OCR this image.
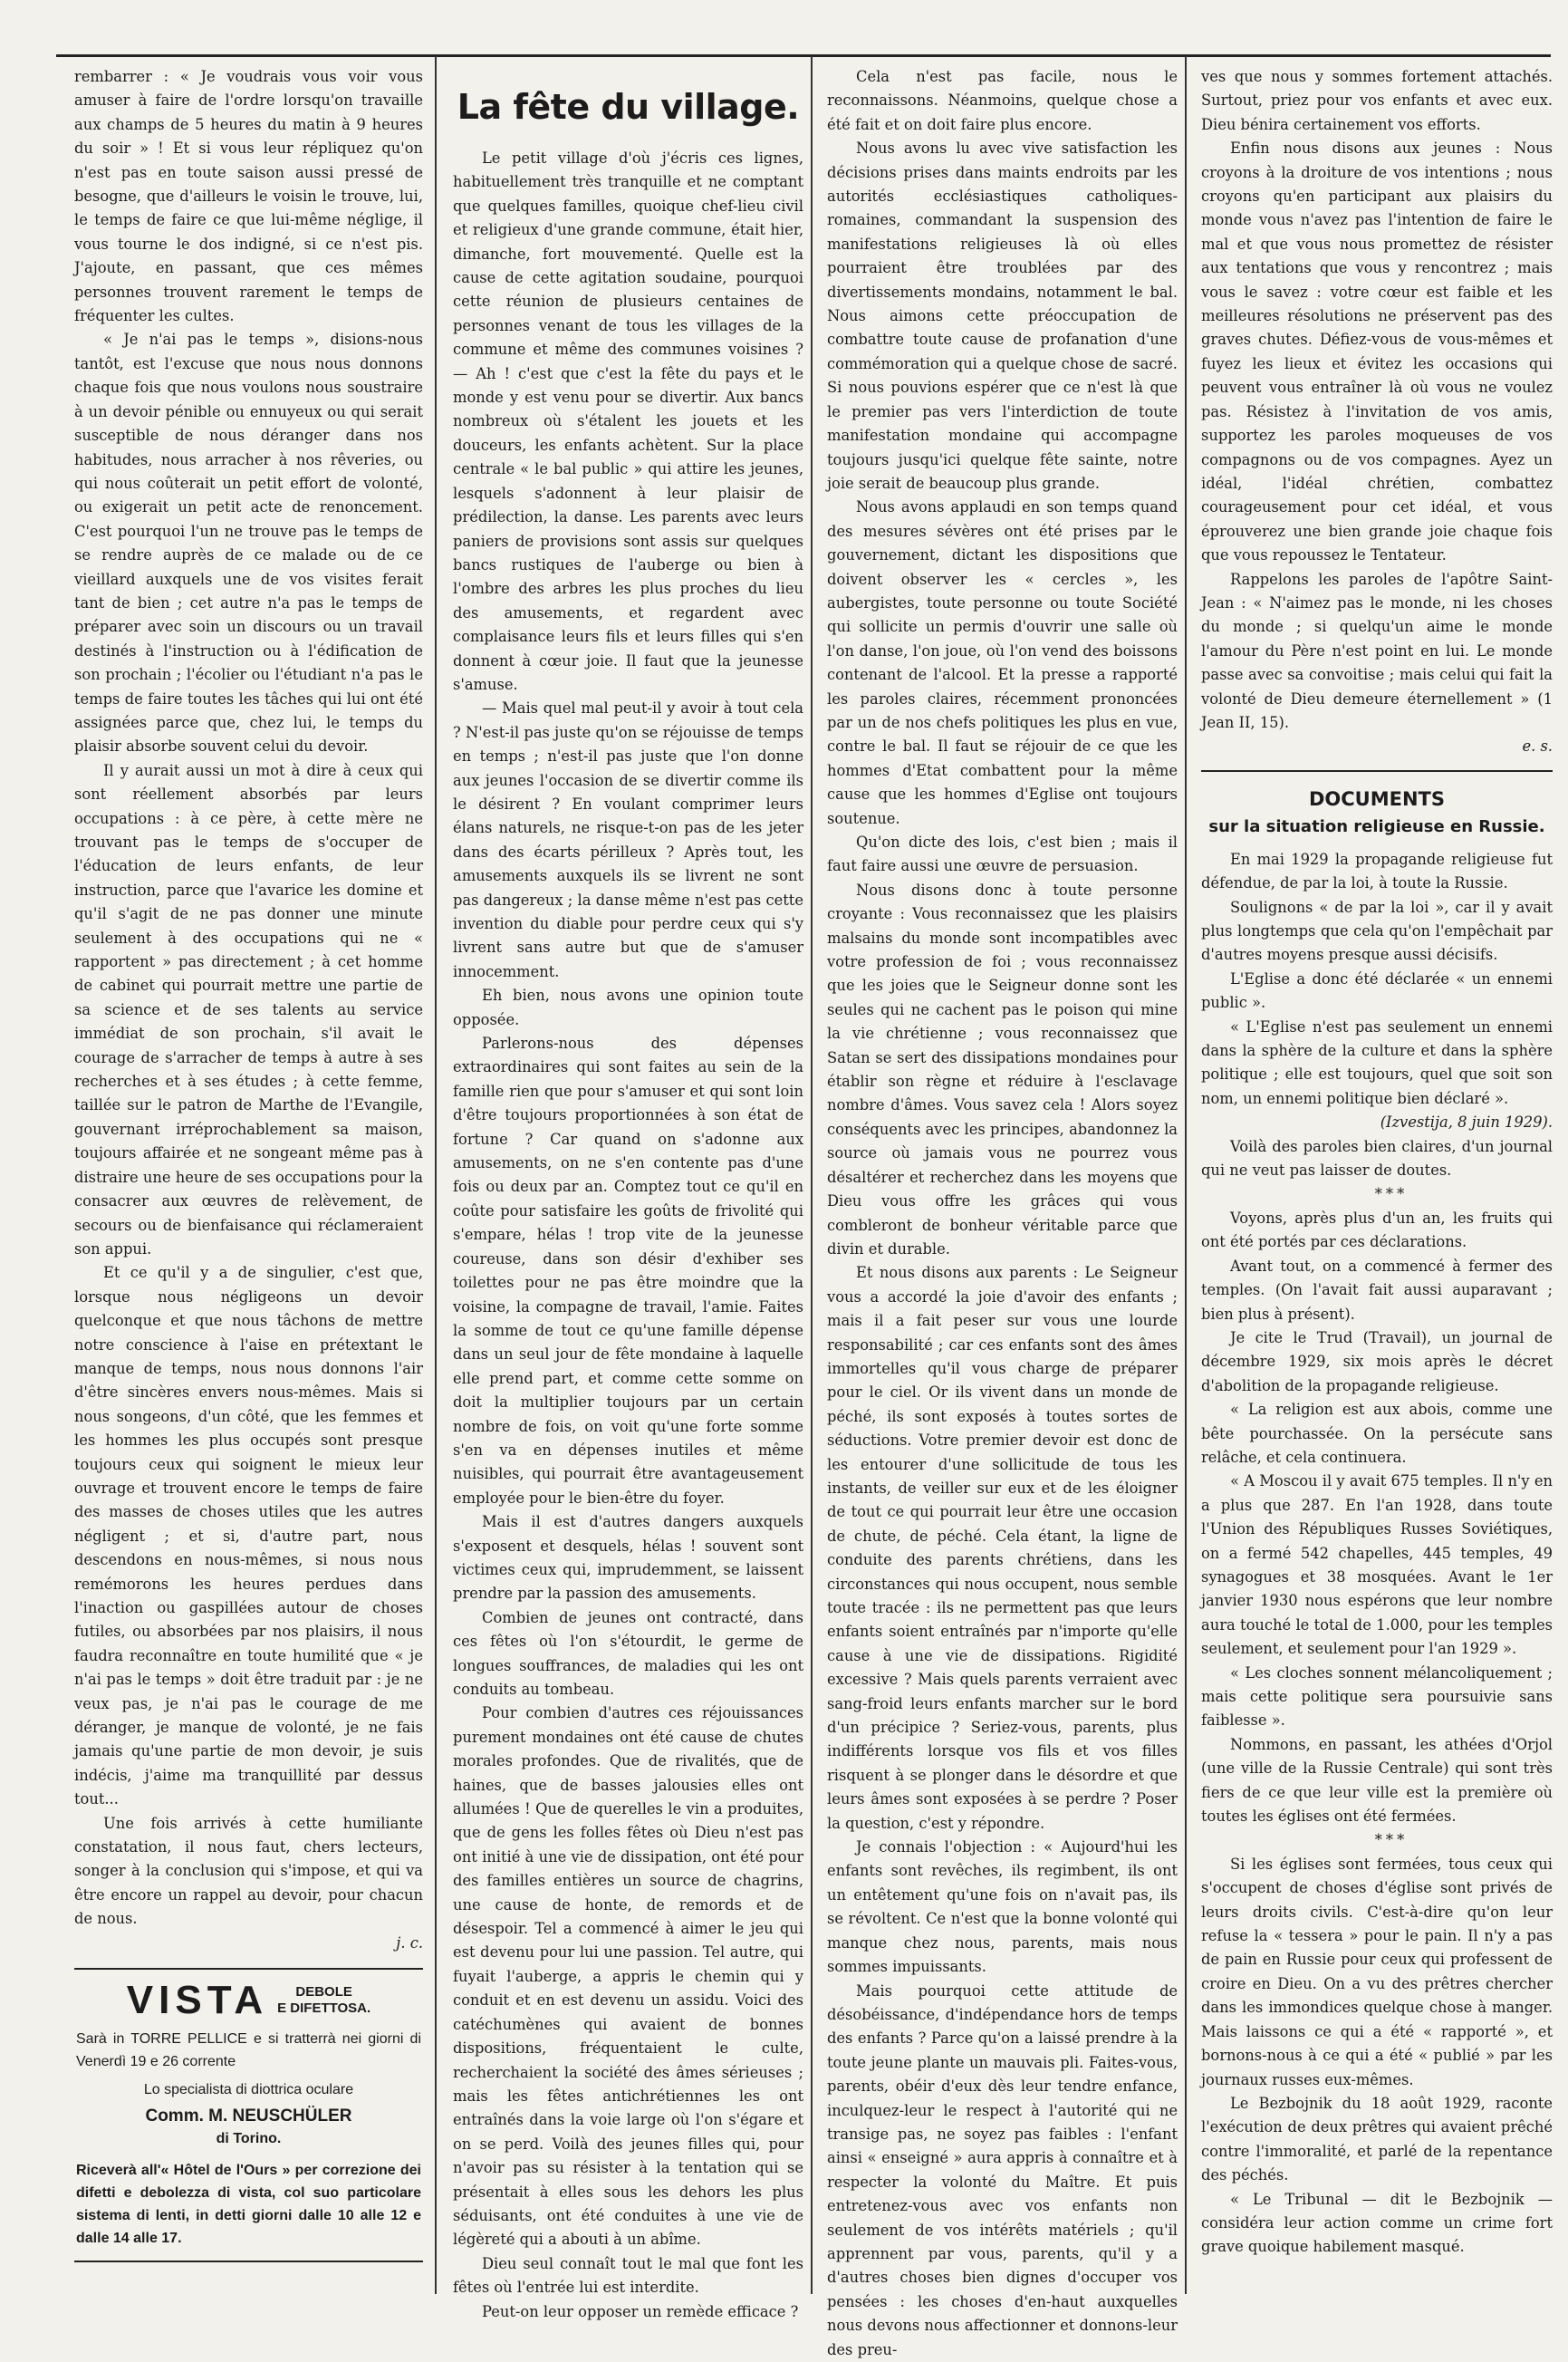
rembarrer : « Je voudrais vous voir vous amuser à faire de l'ordre lorsqu'on travaille aux champs de 5 heures du matin à 9 heures du soir » ! Et si vous leur répliquez qu'on n'est pas en toute saison aussi pressé de besogne, que d'ailleurs le voisin le trouve, lui, le temps de faire ce que lui-même néglige, il vous tourne le dos indigné, si ce n'est pis. J'ajoute, en passant, que ces mêmes personnes trouvent rarement le temps de fréquenter les cultes.

« Je n'ai pas le temps », disions-nous tantôt, est l'excuse que nous nous donnons chaque fois que nous voulons nous soustraire à un devoir pénible ou ennuyeux ou qui serait susceptible de nous déranger dans nos habitudes, nous arracher à nos rêveries, ou qui nous coûterait un petit effort de volonté, ou exigerait un petit acte de renoncement. C'est pourquoi l'un ne trouve pas le temps de se rendre auprès de ce malade ou de ce vieillard auxquels une de vos visites ferait tant de bien ; cet autre n'a pas le temps de préparer avec soin un discours ou un travail destinés à l'instruction ou à l'édification de son prochain ; l'écolier ou l'étudiant n'a pas le temps de faire toutes les tâches qui lui ont été assignées parce que, chez lui, le temps du plaisir absorbe souvent celui du devoir.

Il y aurait aussi un mot à dire à ceux qui sont réellement absorbés par leurs occupations : à ce père, à cette mère ne trouvant pas le temps de s'occuper de l'éducation de leurs enfants, de leur instruction, parce que l'avarice les domine et qu'il s'agit de ne pas donner une minute seulement à des occupations qui ne « rapportent » pas directement ; à cet homme de cabinet qui pourrait mettre une partie de sa science et de ses talents au service immédiat de son prochain, s'il avait le courage de s'arracher de temps à autre à ses recherches et à ses études ; à cette femme, taillée sur le patron de Marthe de l'Evangile, gouvernant irréprochablement sa maison, toujours affairée et ne songeant même pas à distraire une heure de ses occupations pour la consacrer aux œuvres de relèvement, de secours ou de bienfaisance qui réclameraient son appui.

Et ce qu'il y a de singulier, c'est que, lorsque nous négligeons un devoir quelconque et que nous tâchons de mettre notre conscience à l'aise en prétextant le manque de temps, nous nous donnons l'air d'être sincères envers nous-mêmes. Mais si nous songeons, d'un côté, que les femmes et les hommes les plus occupés sont presque toujours ceux qui soignent le mieux leur ouvrage et trouvent encore le temps de faire des masses de choses utiles que les autres négligent ; et si, d'autre part, nous descendons en nous-mêmes, si nous nous remémorons les heures perdues dans l'inaction ou gaspillées autour de choses futiles, ou absorbées par nos plaisirs, il nous faudra reconnaître en toute humilité que « je n'ai pas le temps » doit être traduit par : je ne veux pas, je n'ai pas le courage de me déranger, je manque de volonté, je ne fais jamais qu'une partie de mon devoir, je suis indécis, j'aime ma tranquillité par dessus tout...

Une fois arrivés à cette humiliante constatation, il nous faut, chers lecteurs, songer à la conclusion qui s'impose, et qui va être encore un rappel au devoir, pour chacun de nous.

j. c.

VISTA	DEBOLE
E DIFETTOSA.

Sarà in TORRE PELLICE e si tratterrà nei giorni di Venerdì 19 e 26 corrente

Lo specialista di diottrica oculare

Comm. M. NEUSCHÜLER

di Torino.

Riceverà all'« Hôtel de l'Ours » per correzione dei difetti e debolezza di vista, col suo particolare sistema di lenti, in detti giorni dalle 10 alle 12 e dalle 14 alle 17.

La fête du village.

Le petit village d'où j'écris ces lignes, habituellement très tranquille et ne comptant que quelques familles, quoique chef-lieu civil et religieux d'une grande commune, était hier, dimanche, fort mouvementé. Quelle est la cause de cette agitation soudaine, pourquoi cette réunion de plusieurs centaines de personnes venant de tous les villages de la commune et même des communes voisines ? — Ah ! c'est que c'est la fête du pays et le monde y est venu pour se divertir. Aux bancs nombreux où s'étalent les jouets et les douceurs, les enfants achètent. Sur la place centrale « le bal public » qui attire les jeunes, lesquels s'adonnent à leur plaisir de prédilection, la danse. Les parents avec leurs paniers de provisions sont assis sur quelques bancs rustiques de l'auberge ou bien à l'ombre des arbres les plus proches du lieu des amusements, et regardent avec complaisance leurs fils et leurs filles qui s'en donnent à cœur joie. Il faut que la jeunesse s'amuse.

— Mais quel mal peut-il y avoir à tout cela ? N'est-il pas juste qu'on se réjouisse de temps en temps ; n'est-il pas juste que l'on donne aux jeunes l'occasion de se divertir comme ils le désirent ? En voulant comprimer leurs élans naturels, ne risque-t-on pas de les jeter dans des écarts périlleux ? Après tout, les amusements auxquels ils se livrent ne sont pas dangereux ; la danse même n'est pas cette invention du diable pour perdre ceux qui s'y livrent sans autre but que de s'amuser innocemment.

Eh bien, nous avons une opinion toute opposée.

Parlerons-nous des dépenses extraordinaires qui sont faites au sein de la famille rien que pour s'amuser et qui sont loin d'être toujours proportionnées à son état de fortune ? Car quand on s'adonne aux amusements, on ne s'en contente pas d'une fois ou deux par an. Comptez tout ce qu'il en coûte pour satisfaire les goûts de frivolité qui s'empare, hélas ! trop vite de la jeunesse coureuse, dans son désir d'exhiber ses toilettes pour ne pas être moindre que la voisine, la compagne de travail, l'amie. Faites la somme de tout ce qu'une famille dépense dans un seul jour de fête mondaine à laquelle elle prend part, et comme cette somme on doit la multiplier toujours par un certain nombre de fois, on voit qu'une forte somme s'en va en dépenses inutiles et même nuisibles, qui pourrait être avantageusement employée pour le bien-être du foyer.

Mais il est d'autres dangers auxquels s'exposent et desquels, hélas ! souvent sont victimes ceux qui, imprudemment, se laissent prendre par la passion des amusements.

Combien de jeunes ont contracté, dans ces fêtes où l'on s'étourdit, le germe de longues souffrances, de maladies qui les ont conduits au tombeau.

Pour combien d'autres ces réjouissances purement mondaines ont été cause de chutes morales profondes. Que de rivalités, que de haines, que de basses jalousies elles ont allumées ! Que de querelles le vin a produites, que de gens les folles fêtes où Dieu n'est pas ont initié à une vie de dissipation, ont été pour des familles entières un source de chagrins, une cause de honte, de remords et de désespoir. Tel a commencé à aimer le jeu qui est devenu pour lui une passion. Tel autre, qui fuyait l'auberge, a appris le chemin qui y conduit et en est devenu un assidu. Voici des catéchumènes qui avaient de bonnes dispositions, fréquentaient le culte, recherchaient la société des âmes sérieuses ; mais les fêtes antichrétiennes les ont entraînés dans la voie large où l'on s'égare et on se perd. Voilà des jeunes filles qui, pour n'avoir pas su résister à la tentation qui se présentait à elles sous les dehors les plus séduisants, ont été conduites à une vie de légèreté qui a abouti à un abîme.

Dieu seul connaît tout le mal que font les fêtes où l'entrée lui est interdite.

Peut-on leur opposer un remède efficace ?

Cela n'est pas facile, nous le reconnaissons. Néanmoins, quelque chose a été fait et on doit faire plus encore.

Nous avons lu avec vive satisfaction les décisions prises dans maints endroits par les autorités ecclésiastiques catholiques-romaines, commandant la suspension des manifestations religieuses là où elles pourraient être troublées par des divertissements mondains, notamment le bal. Nous aimons cette préoccupation de combattre toute cause de profanation d'une commémoration qui a quelque chose de sacré. Si nous pouvions espérer que ce n'est là que le premier pas vers l'interdiction de toute manifestation mondaine qui accompagne toujours jusqu'ici quelque fête sainte, notre joie serait de beaucoup plus grande.

Nous avons applaudi en son temps quand des mesures sévères ont été prises par le gouvernement, dictant les dispositions que doivent observer les « cercles », les aubergistes, toute personne ou toute Société qui sollicite un permis d'ouvrir une salle où l'on danse, l'on joue, où l'on vend des boissons contenant de l'alcool. Et la presse a rapporté les paroles claires, récemment prononcées par un de nos chefs politiques les plus en vue, contre le bal. Il faut se réjouir de ce que les hommes d'Etat combattent pour la même cause que les hommes d'Eglise ont toujours soutenue.

Qu'on dicte des lois, c'est bien ; mais il faut faire aussi une œuvre de persuasion.

Nous disons donc à toute personne croyante : Vous reconnaissez que les plaisirs malsains du monde sont incompatibles avec votre profession de foi ; vous reconnaissez que les joies que le Seigneur donne sont les seules qui ne cachent pas le poison qui mine la vie chrétienne ; vous reconnaissez que Satan se sert des dissipations mondaines pour établir son règne et réduire à l'esclavage nombre d'âmes. Vous savez cela ! Alors soyez conséquents avec les principes, abandonnez la source où jamais vous ne pourrez vous désaltérer et recherchez dans les moyens que Dieu vous offre les grâces qui vous combleront de bonheur véritable parce que divin et durable.

Et nous disons aux parents : Le Seigneur vous a accordé la joie d'avoir des enfants ; mais il a fait peser sur vous une lourde responsabilité ; car ces enfants sont des âmes immortelles qu'il vous charge de préparer pour le ciel. Or ils vivent dans un monde de péché, ils sont exposés à toutes sortes de séductions. Votre premier devoir est donc de les entourer d'une sollicitude de tous les instants, de veiller sur eux et de les éloigner de tout ce qui pourrait leur être une occasion de chute, de péché. Cela étant, la ligne de conduite des parents chrétiens, dans les circonstances qui nous occupent, nous semble toute tracée : ils ne permettent pas que leurs enfants soient entraînés par n'importe qu'elle cause à une vie de dissipations. Rigidité excessive ? Mais quels parents verraient avec sang-froid leurs enfants marcher sur le bord d'un précipice ? Seriez-vous, parents, plus indifférents lorsque vos fils et vos filles risquent à se plonger dans le désordre et que leurs âmes sont exposées à se perdre ? Poser la question, c'est y répondre.

Je connais l'objection : « Aujourd'hui les enfants sont revêches, ils regimbent, ils ont un entêtement qu'une fois on n'avait pas, ils se révoltent. Ce n'est que la bonne volonté qui manque chez nous, parents, mais nous sommes impuissants.

Mais pourquoi cette attitude de désobéissance, d'indépendance hors de temps des enfants ? Parce qu'on a laissé prendre à la toute jeune plante un mauvais pli. Faites-vous, parents, obéir d'eux dès leur tendre enfance, inculquez-leur le respect à l'autorité qui ne transige pas, ne soyez pas faibles : l'enfant ainsi « enseigné » aura appris à connaître et à respecter la volonté du Maître. Et puis entretenez-vous avec vos enfants non seulement de vos intérêts matériels ; qu'il apprennent par vous, parents, qu'il y a d'autres choses bien dignes d'occuper vos pensées : les choses d'en-haut auxquelles nous devons nous affectionner et donnons-leur des preu-

ves que nous y sommes fortement attachés. Surtout, priez pour vos enfants et avec eux. Dieu bénira certainement vos efforts.

Enfin nous disons aux jeunes : Nous croyons à la droiture de vos intentions ; nous croyons qu'en participant aux plaisirs du monde vous n'avez pas l'intention de faire le mal et que vous nous promettez de résister aux tentations que vous y rencontrez ; mais vous le savez : votre cœur est faible et les meilleures résolutions ne préservent pas des graves chutes. Défiez-vous de vous-mêmes et fuyez les lieux et évitez les occasions qui peuvent vous entraîner là où vous ne voulez pas. Résistez à l'invitation de vos amis, supportez les paroles moqueuses de vos compagnons ou de vos compagnes. Ayez un idéal, l'idéal chrétien, combattez courageusement pour cet idéal, et vous éprouverez une bien grande joie chaque fois que vous repoussez le Tentateur.

Rappelons les paroles de l'apôtre Saint-Jean : « N'aimez pas le monde, ni les choses du monde ; si quelqu'un aime le monde l'amour du Père n'est point en lui. Le monde passe avec sa convoitise ; mais celui qui fait la volonté de Dieu demeure éternellement » (1 Jean II, 15).

e. s.

DOCUMENTS
sur la situation religieuse en Russie.

En mai 1929 la propagande religieuse fut défendue, de par la loi, à toute la Russie.

Soulignons « de par la loi », car il y avait plus longtemps que cela qu'on l'empêchait par d'autres moyens presque aussi décisifs.

L'Eglise a donc été déclarée « un ennemi public ».

« L'Eglise n'est pas seulement un ennemi dans la sphère de la culture et dans la sphère politique ; elle est toujours, quel que soit son nom, un ennemi politique bien déclaré ».

(Izvestija, 8 juin 1929).

Voilà des paroles bien claires, d'un journal qui ne veut pas laisser de doutes.

***

Voyons, après plus d'un an, les fruits qui ont été portés par ces déclarations.

Avant tout, on a commencé à fermer des temples. (On l'avait fait aussi auparavant ; bien plus à présent).

Je cite le Trud (Travail), un journal de décembre 1929, six mois après le décret d'abolition de la propagande religieuse.

« La religion est aux abois, comme une bête pourchassée. On la persécute sans relâche, et cela continuera.

« A Moscou il y avait 675 temples. Il n'y en a plus que 287. En l'an 1928, dans toute l'Union des Républiques Russes Soviétiques, on a fermé 542 chapelles, 445 temples, 49 synagogues et 38 mosquées. Avant le 1er janvier 1930 nous espérons que leur nombre aura touché le total de 1.000, pour les temples seulement, et seulement pour l'an 1929 ».

« Les cloches sonnent mélancoliquement ; mais cette politique sera poursuivie sans faiblesse ».

Nommons, en passant, les athées d'Orjol (une ville de la Russie Centrale) qui sont très fiers de ce que leur ville est la première où toutes les églises ont été fermées.

***

Si les églises sont fermées, tous ceux qui s'occupent de choses d'église sont privés de leurs droits civils. C'est-à-dire qu'on leur refuse la « tessera » pour le pain. Il n'y a pas de pain en Russie pour ceux qui professent de croire en Dieu. On a vu des prêtres chercher dans les immondices quelque chose à manger. Mais laissons ce qui a été « rapporté », et bornons-nous à ce qui a été « publié » par les journaux russes eux-mêmes.

Le Bezbojnik du 18 août 1929, raconte l'exécution de deux prêtres qui avaient prêché contre l'immoralité, et parlé de la repentance des péchés.

« Le Tribunal — dit le Bezbojnik — considéra leur action comme un crime fort grave quoique habilement masqué.
